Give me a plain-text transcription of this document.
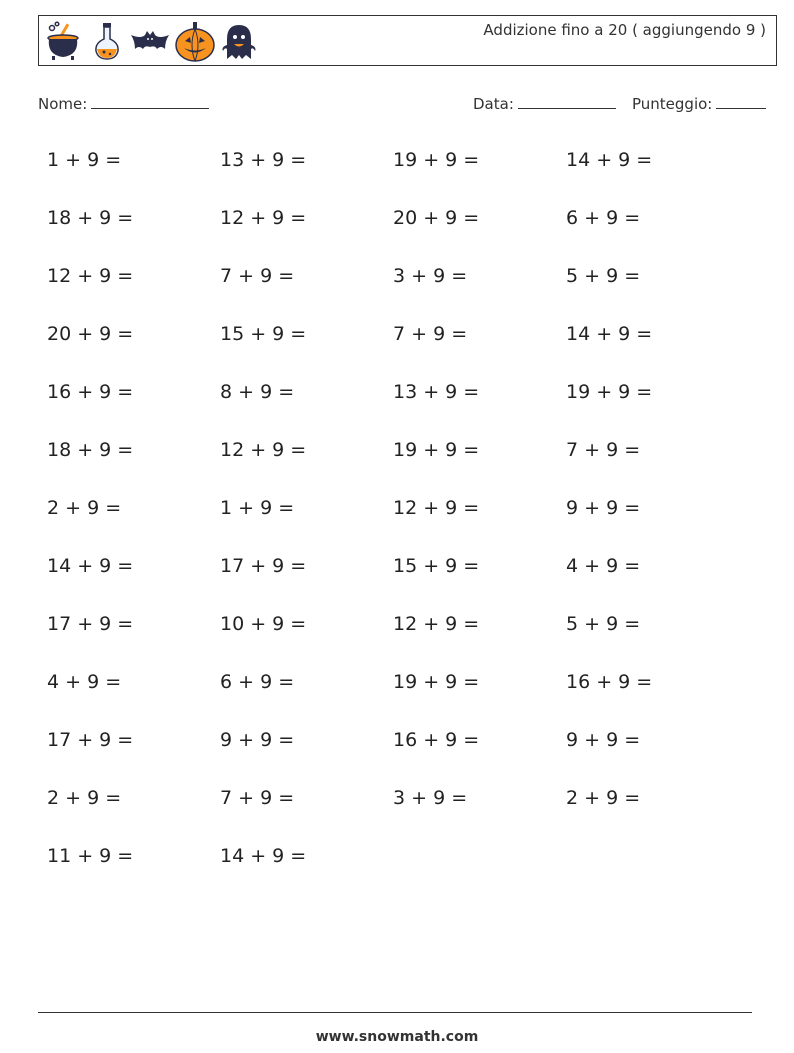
Addizione fino a 20 ( aggiungendo 9 )
Nome:	Data:	Punteggio:
1 + 9 =	13 + 9 =	19 + 9 =	14 + 9 =
18 + 9 =	12 + 9 =	20 + 9 =	6 + 9 =
12 + 9 =	7 + 9 =	3 + 9 =	5 + 9 =
20 + 9 =	15 + 9 =	7 + 9 =	14 + 9 =
16 + 9 =	8 + 9 =	13 + 9 =	19 + 9 =
18 + 9 =	12 + 9 =	19 + 9 =	7 + 9 =
2 + 9 =	1 + 9 =	12 + 9 =	9 + 9 =
14 + 9 =	17 + 9 =	15 + 9 =	4 + 9 =
17 + 9 =	10 + 9 =	12 + 9 =	5 + 9 =
4 + 9 =	6 + 9 =	19 + 9 =	16 + 9 =
17 + 9 =	9 + 9 =	16 + 9 =	9 + 9 =
2 + 9 =	7 + 9 =	3 + 9 =	2 + 9 =
11 + 9 =	14 + 9 =
www.snowmath.com
